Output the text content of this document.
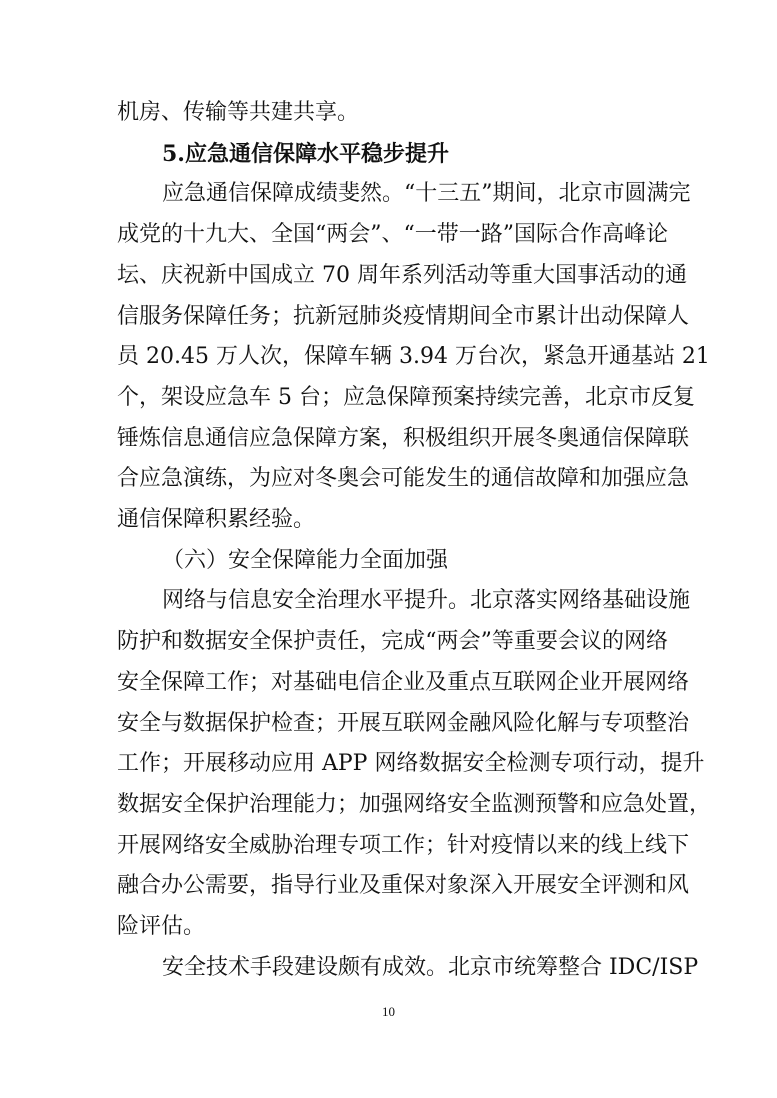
机房、传输等共建共享。
5.应急通信保障水平稳步提升
应急通信保障成绩斐然。“十三五”期间，北京市圆满完
成党的十九大、全国“两会”、“一带一路”国际合作高峰论
坛、庆祝新中国成立 70 周年系列活动等重大国事活动的通
信服务保障任务；抗新冠肺炎疫情期间全市累计出动保障人
员 20.45 万人次，保障车辆 3.94 万台次，紧急开通基站 21
个，架设应急车 5 台；应急保障预案持续完善，北京市反复
锤炼信息通信应急保障方案，积极组织开展冬奥通信保障联
合应急演练，为应对冬奥会可能发生的通信故障和加强应急
通信保障积累经验。
（六）安全保障能力全面加强
网络与信息安全治理水平提升。北京落实网络基础设施
防护和数据安全保护责任，完成“两会”等重要会议的网络
安全保障工作；对基础电信企业及重点互联网企业开展网络
安全与数据保护检查；开展互联网金融风险化解与专项整治
工作；开展移动应用 APP 网络数据安全检测专项行动，提升
数据安全保护治理能力；加强网络安全监测预警和应急处置，
开展网络安全威胁治理专项工作；针对疫情以来的线上线下
融合办公需要，指导行业及重保对象深入开展安全评测和风
险评估。
安全技术手段建设颇有成效。北京市统筹整合 IDC/ISP
10
